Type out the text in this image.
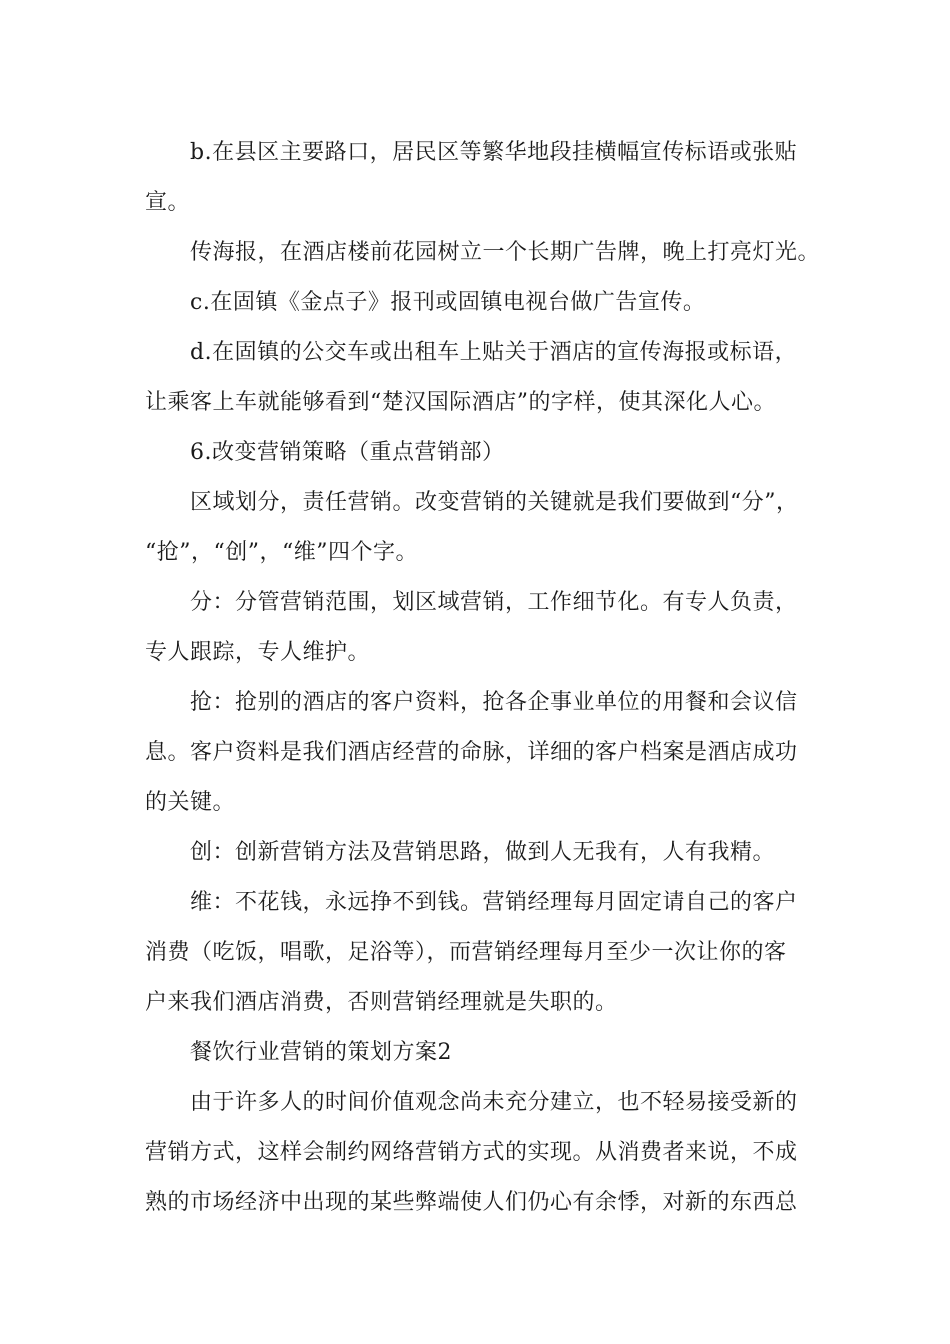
b.在县区主要路口，居民区等繁华地段挂横幅宣传标语或张贴
宣。
传海报，在酒店楼前花园树立一个长期广告牌，晚上打亮灯光。
c.在固镇《金点子》报刊或固镇电视台做广告宣传。
d.在固镇的公交车或出租车上贴关于酒店的宣传海报或标语，
让乘客上车就能够看到“楚汉国际酒店”的字样，使其深化人心。
6.改变营销策略（重点营销部）
区域划分，责任营销。改变营销的关键就是我们要做到“分”，
“抢”，“创”，“维”四个字。
分：分管营销范围，划区域营销，工作细节化。有专人负责，
专人跟踪，专人维护。
抢：抢别的酒店的客户资料，抢各企事业单位的用餐和会议信
息。客户资料是我们酒店经营的命脉，详细的客户档案是酒店成功
的关键。
创：创新营销方法及营销思路，做到人无我有，人有我精。
维：不花钱，永远挣不到钱。营销经理每月固定请自己的客户
消费（吃饭，唱歌，足浴等），而营销经理每月至少一次让你的客
户来我们酒店消费，否则营销经理就是失职的。
餐饮行业营销的策划方案2
由于许多人的时间价值观念尚未充分建立，也不轻易接受新的
营销方式，这样会制约网络营销方式的实现。从消费者来说，不成
熟的市场经济中出现的某些弊端使人们仍心有余悸，对新的东西总
